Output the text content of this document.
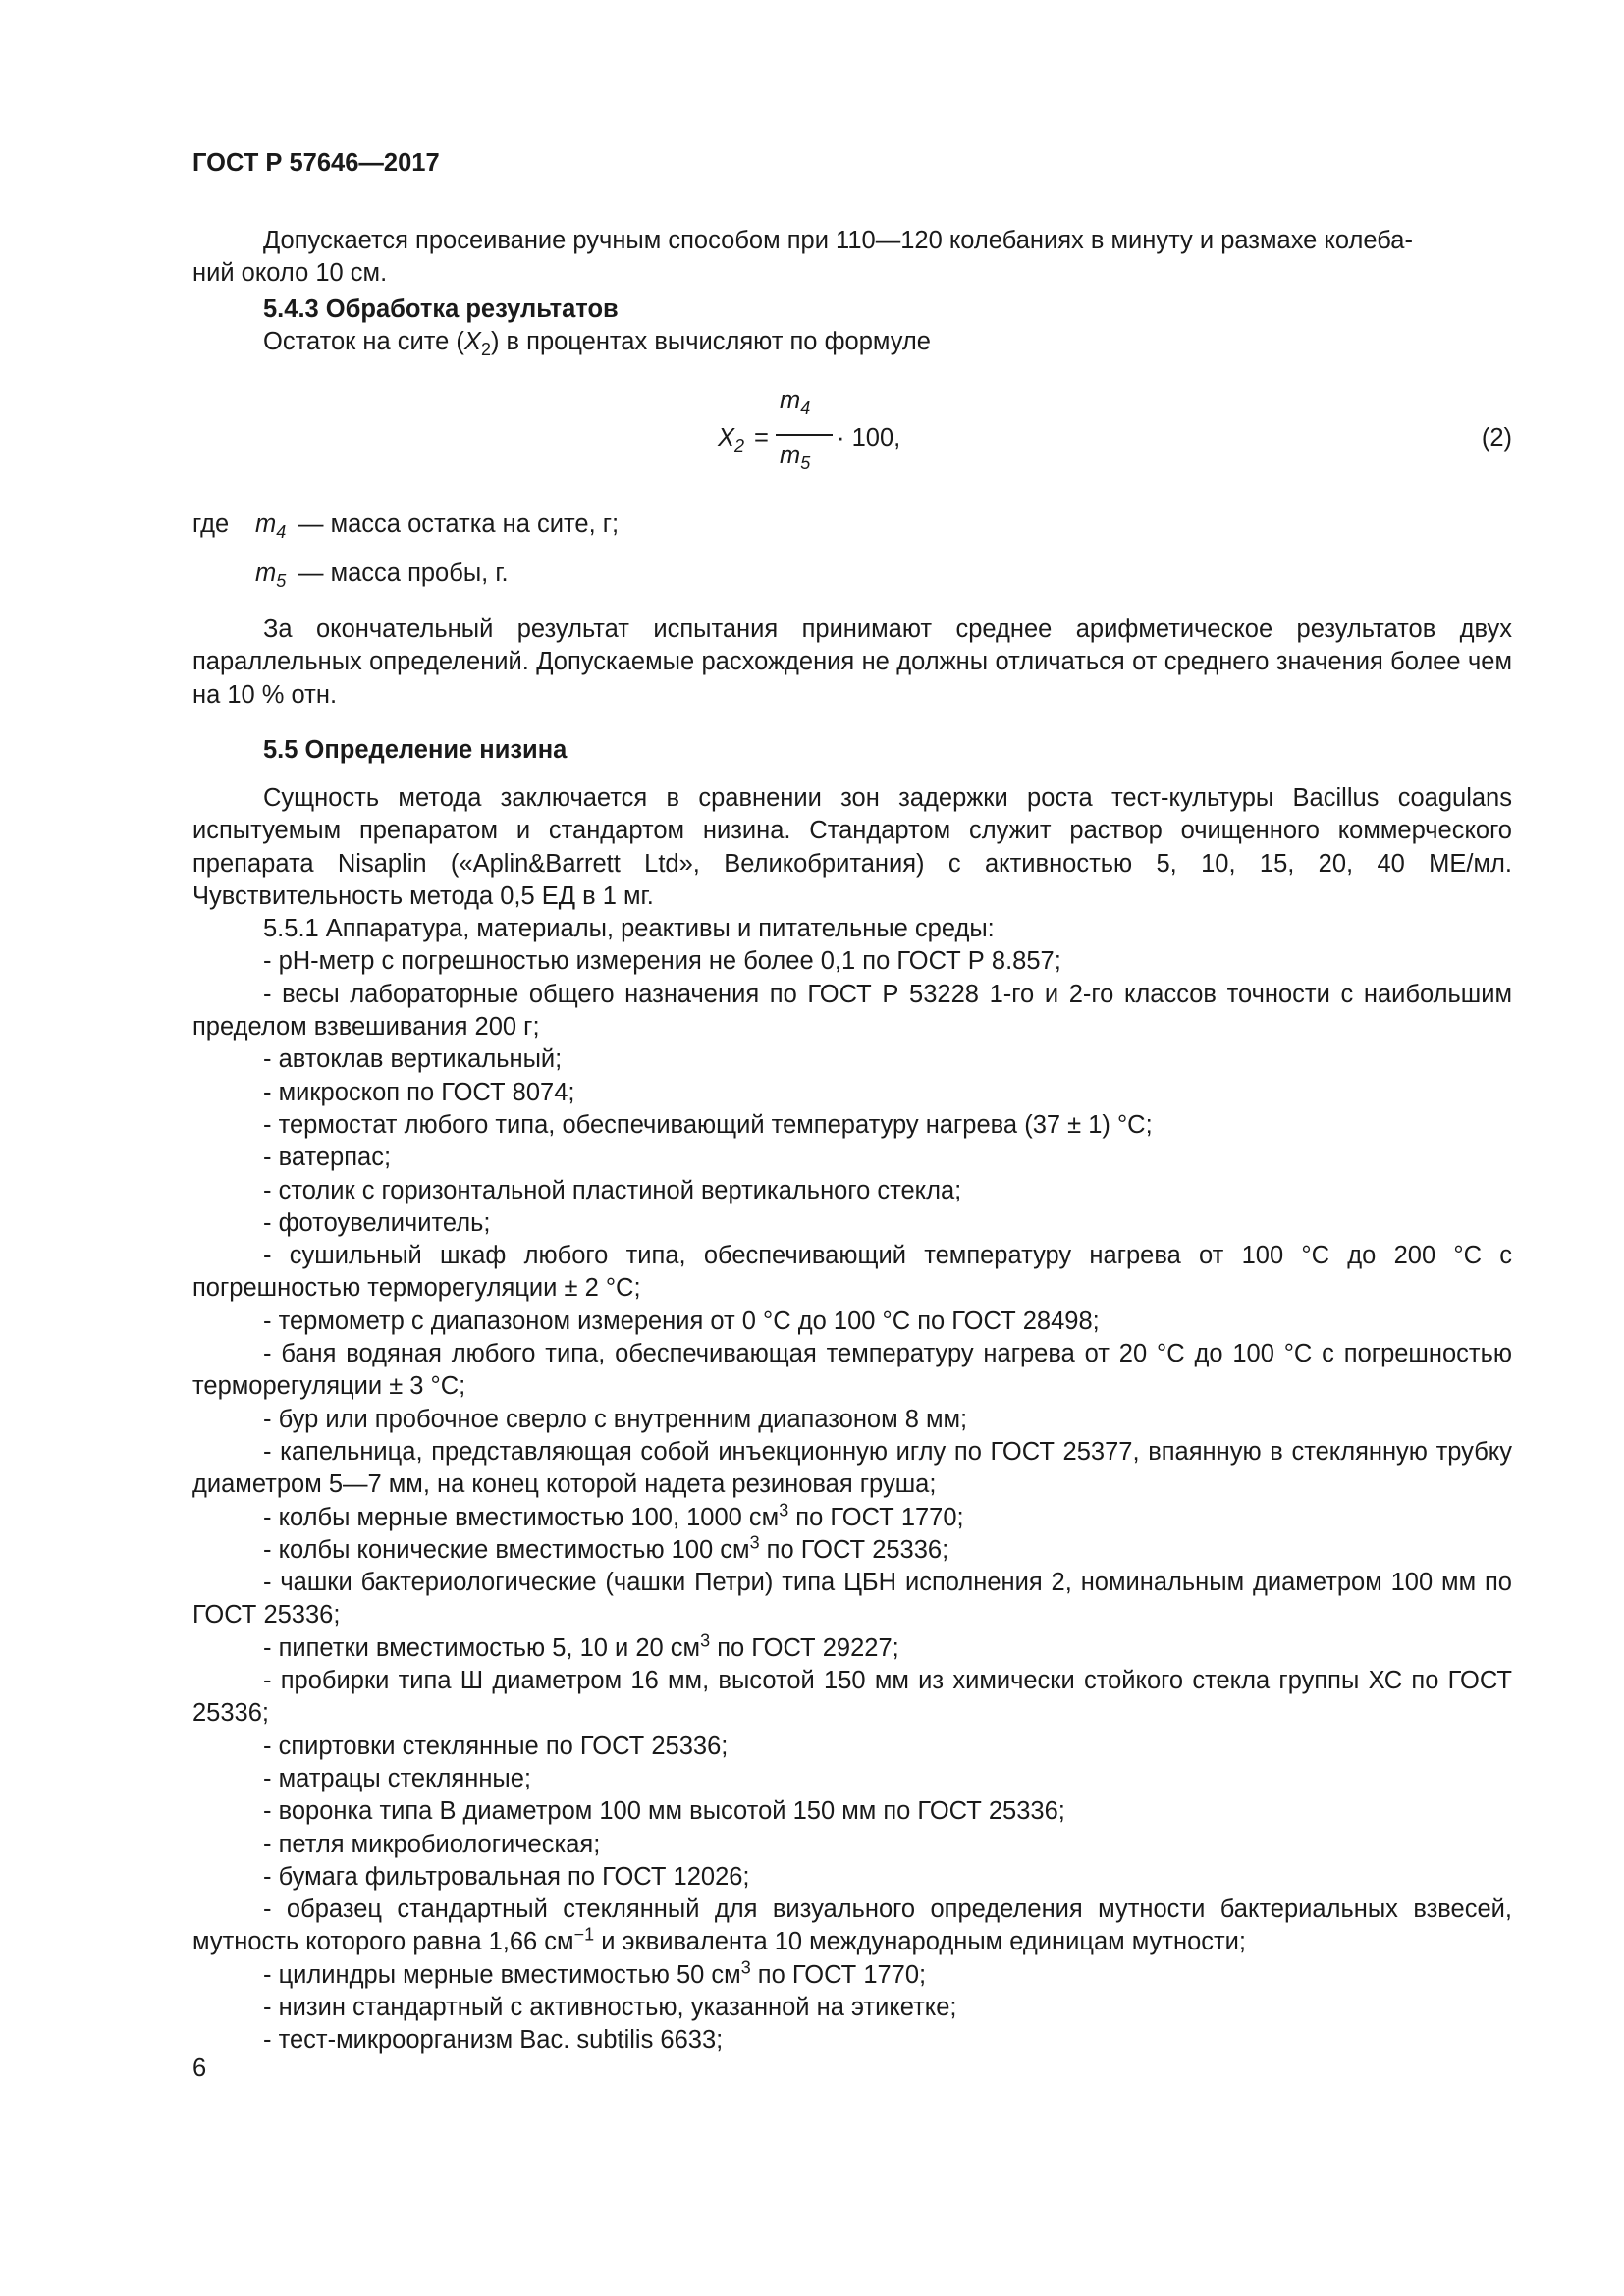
ГОСТ Р 57646—2017

Допускается просеивание ручным способом при 110—120 колебаниях в минуту и размахе колеба-

ний около 10 см.

5.4.3 Обработка результатов

Остаток на сите $(X_2)$ в процентах вычисляют по формуле

$X_2$ =
$m_4$
$m_5$
· 100,	(2)
где $m_4$ — масса остатка на сите, г;
$m_5$ — масса пробы, г.

За окончательный результат испытания принимают среднее арифметическое результатов двух параллельных определений. Допускаемые расхождения не должны отличаться от среднего значения более чем на 10 % отн.

5.5 Определение низина

Сущность метода заключается в сравнении зон задержки роста тест-культуры Bacillus coagulans испытуемым препаратом и стандартом низина. Стандартом служит раствор очищенного коммерческого препарата Nisaplin («Aplin&Barrett Ltd», Великобритания) с активностью 5, 10, 15, 20, 40 МЕ/мл. Чувствительность метода 0,5 ЕД в 1 мг.

5.5.1 Аппаратура, материалы, реактивы и питательные среды:

- pH-метр с погрешностью измерения не более 0,1 по ГОСТ Р 8.857;

- весы лабораторные общего назначения по ГОСТ Р 53228 1-го и 2-го классов точности с наибольшим пределом взвешивания 200 г;

- автоклав вертикальный;

- микроскоп по ГОСТ 8074;

- термостат любого типа, обеспечивающий температуру нагрева (37 ± 1) °С;

- ватерпас;

- столик с горизонтальной пластиной вертикального стекла;

- фотоувеличитель;

- сушильный шкаф любого типа, обеспечивающий температуру нагрева от 100 °С до 200 °С с погрешностью терморегуляции ± 2 °С;

- термометр с диапазоном измерения от 0 °С до 100 °С по ГОСТ 28498;

- баня водяная любого типа, обеспечивающая температуру нагрева от 20 °С до 100 °С с погрешностью терморегуляции ± 3 °С;

- бур или пробочное сверло с внутренним диапазоном 8 мм;

- капельница, представляющая собой инъекционную иглу по ГОСТ 25377, впаянную в стеклянную трубку диаметром 5—7 мм, на конец которой надета резиновая груша;

- колбы мерные вместимостью 100, 1000 $см^3$ по ГОСТ 1770;

- колбы конические вместимостью 100 $см^3$ по ГОСТ 25336;

- чашки бактериологические (чашки Петри) типа ЦБН исполнения 2, номинальным диаметром 100 мм по ГОСТ 25336;

- пипетки вместимостью 5, 10 и 20 $см^3$ по ГОСТ 29227;

- пробирки типа Ш диаметром 16 мм, высотой 150 мм из химически стойкого стекла группы ХС по ГОСТ 25336;

- спиртовки стеклянные по ГОСТ 25336;

- матрацы стеклянные;

- воронка типа В диаметром 100 мм высотой 150 мм по ГОСТ 25336;

- петля микробиологическая;

- бумага фильтровальная по ГОСТ 12026;

- образец стандартный стеклянный для визуального определения мутности бактериальных взвесей, мутность которого равна 1,66 $см^{-1}$ и эквивалента 10 международным единицам мутности;

- цилиндры мерные вместимостью 50 $см^3$ по ГОСТ 1770;

- низин стандартный с активностью, указанной на этикетке;

- тест-микроорганизм Bac. subtilis 6633;

6
